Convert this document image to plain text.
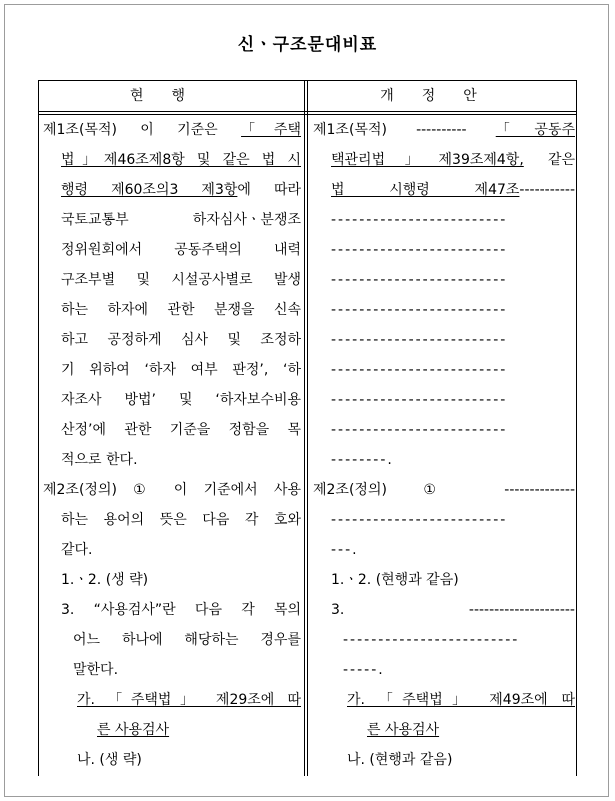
신ㆍ구조문대비표
현행	개정안
제1조(목적) 이 기준은 「주택
법」제46조제8항 및 같은 법 시
행령 제60조의3 제3항에 따라
국토교통부 하자심사ㆍ분쟁조
정위원회에서 공동주택의 내력
구조부별 및 시설공사별로 발생
하는 하자에 관한 분쟁을 신속
하고 공정하게 심사 및 조정하
기 위하여 ‘하자 여부 판정’, ‘하
자조사 방법’ 및 ‘하자보수비용
산정’에 관한 기준을 정함을 목
적으로 한다.
제2조(정의) ① 이 기준에서 사용
하는 용어의 뜻은 다음 각 호와
같다.
1.ㆍ2. (생 략)
3. “사용검사”란 다음 각 목의
어느 하나에 해당하는 경우를
말한다.
가. 「주택법」 제29조에 따
른 사용검사
나. (생 략)
제1조(목적) ---------- 「공동주
택관리법」제39조제4항, 같은
법 시행령 제47조-----------
-------------------------
-------------------------
-------------------------
-------------------------
-------------------------
-------------------------
-------------------------
-------------------------
--------.
제2조(정의) ① --------------
-------------------------
---.
1.ㆍ2. (현행과 같음)
3. ---------------------
-------------------------
-----.
가. 「주택법」 제49조에 따
른 사용검사
나. (현행과 같음)
